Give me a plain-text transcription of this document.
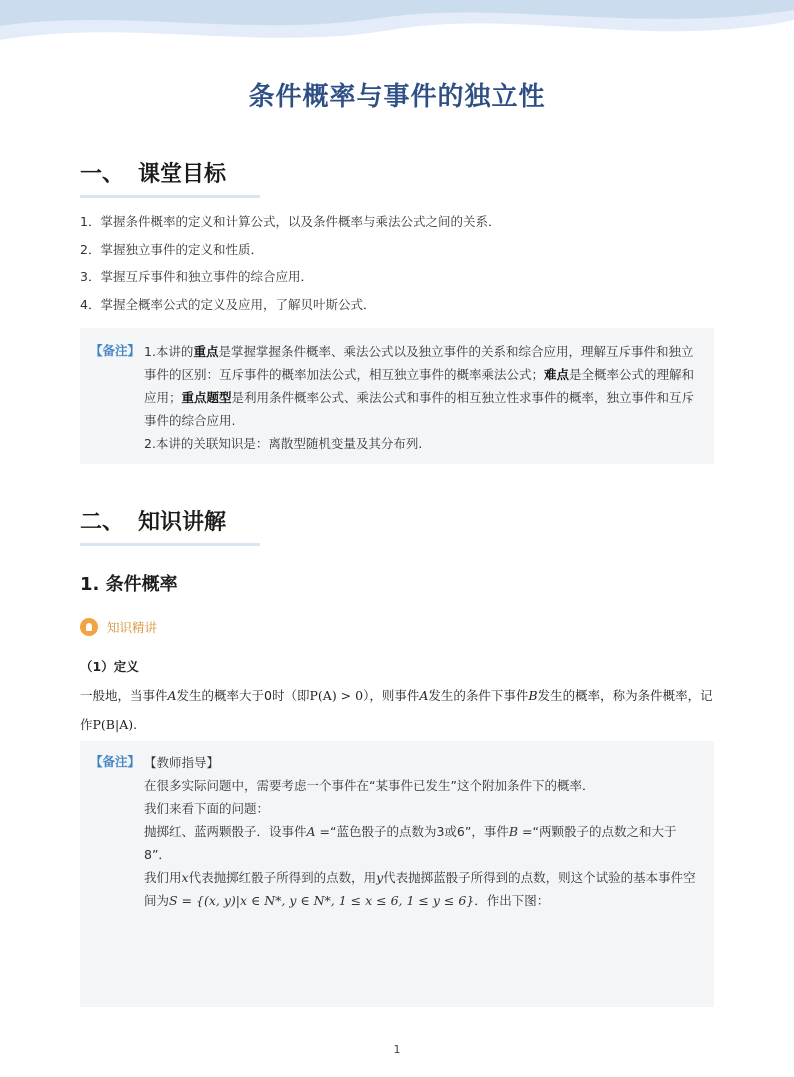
条件概率与事件的独立性
一、 课堂目标
1．掌握条件概率的定义和计算公式，以及条件概率与乘法公式之间的关系．
2．掌握独立事件的定义和性质．
3．掌握互斥事件和独立事件的综合应用．
4．掌握全概率公式的定义及应用，了解贝叶斯公式．
【备注】 1.本讲的重点是掌握掌握条件概率、乘法公式以及独立事件的关系和综合应用，理解互斥事件和独立事件的区别：互斥事件的概率加法公式，相互独立事件的概率乘法公式；难点是全概率公式的理解和应用；重点题型是利用条件概率公式、乘法公式和事件的相互独立性求事件的概率，独立事件和互斥事件的综合应用.

2.本讲的关联知识是：离散型随机变量及其分布列.

二、 知识讲解
1. 条件概率
知识精讲
（1）定义

一般地，当事件A发生的概率大于0时（即P(A) > 0），则事件A发生的条件下事件B发生的概率，称为条件概率，记作P(B|A).

【备注】 【教师指导】

在很多实际问题中，需要考虑一个事件在“某事件已发生”这个附加条件下的概率．

我们来看下面的问题：

抛掷红、蓝两颗骰子．设事件A =“蓝色骰子的点数为3或6”，事件B =“两颗骰子的点数之和大于8”．

我们用x代表抛掷红骰子所得到的点数，用y代表抛掷蓝骰子所得到的点数，则这个试验的基本事件空间为S = {(x, y)|x ∈ N*, y ∈ N*, 1 ≤ x ≤ 6, 1 ≤ y ≤ 6}．作出下图：

1
